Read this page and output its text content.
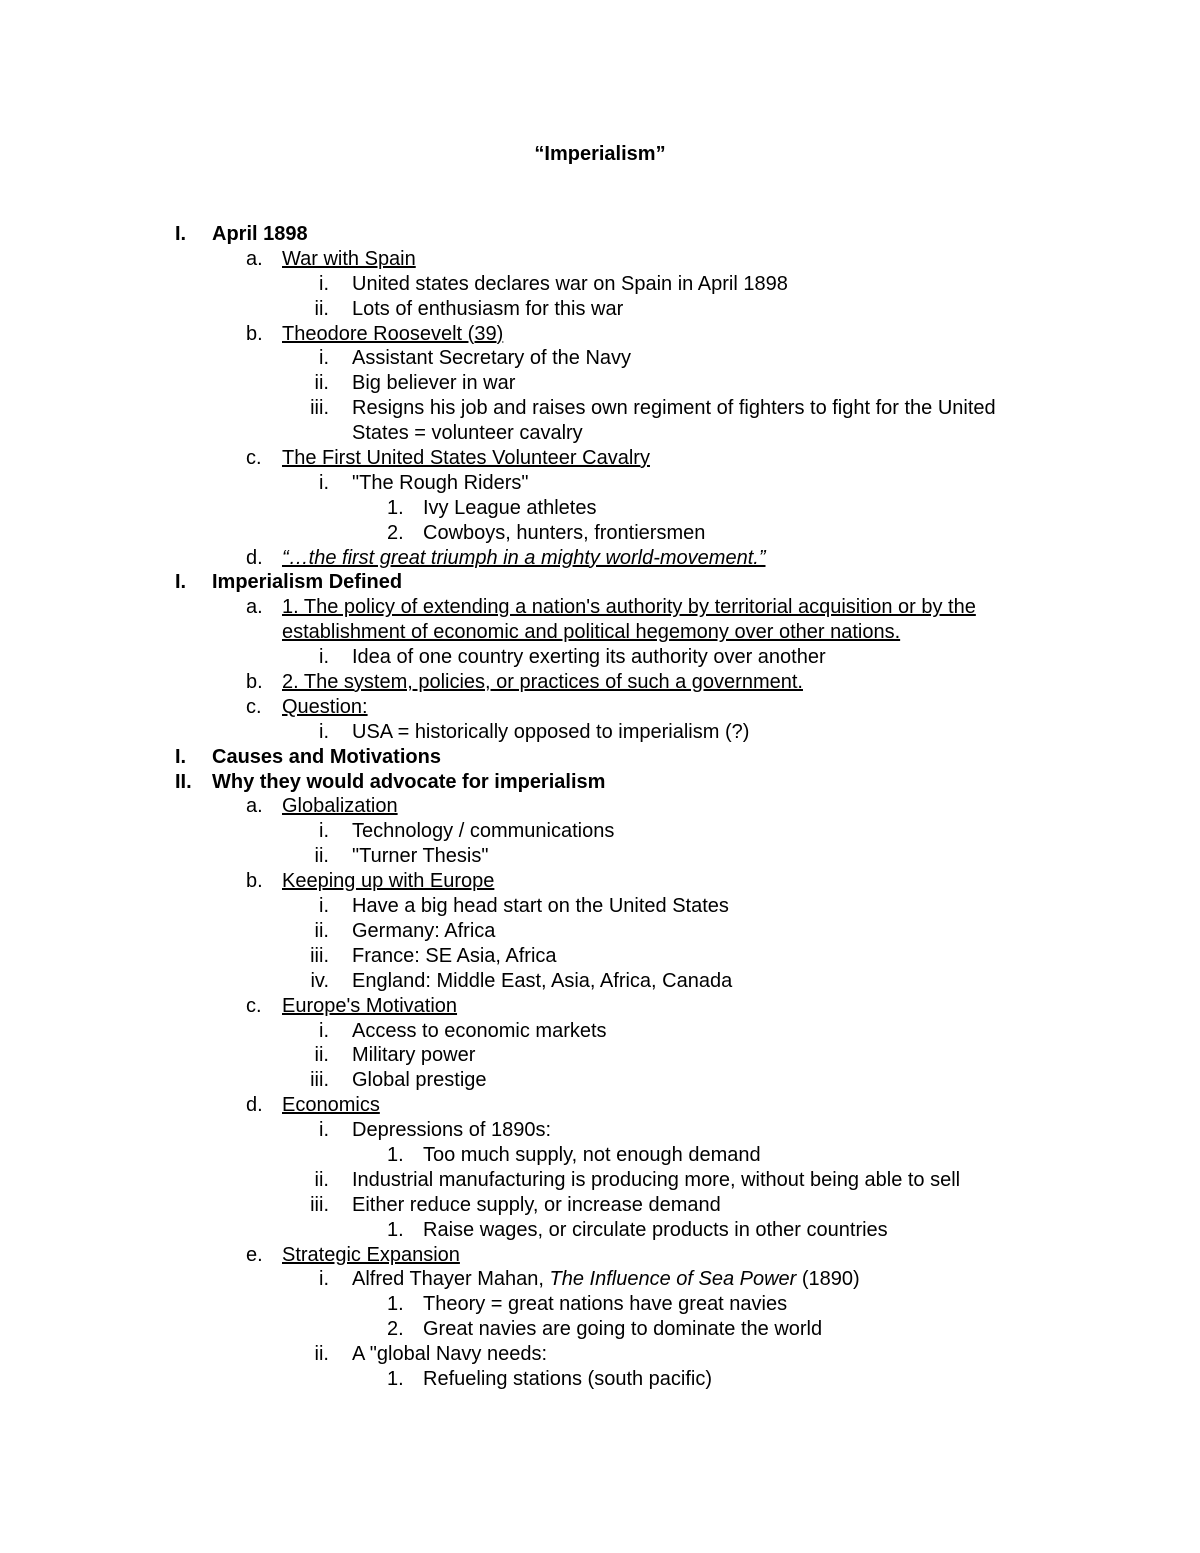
“Imperialism”
I. April 1898
a. War with Spain
i. United states declares war on Spain in April 1898
ii. Lots of enthusiasm for this war
b. Theodore Roosevelt (39)
i. Assistant Secretary of the Navy
ii. Big believer in war
iii. Resigns his job and raises own regiment of fighters to fight for the United
States = volunteer cavalry
c. The First United States Volunteer Cavalry
i. "The Rough Riders"
1. Ivy League athletes
2. Cowboys, hunters, frontiersmen
d. “…the first great triumph in a mighty world-movement.”
I. Imperialism Defined
a. 1. The policy of extending a nation's authority by territorial acquisition or by the
establishment of economic and political hegemony over other nations.
i. Idea of one country exerting its authority over another
b. 2. The system, policies, or practices of such a government.
c. Question:
i. USA = historically opposed to imperialism (?)
I. Causes and Motivations
II. Why they would advocate for imperialism
a. Globalization
i. Technology / communications
ii. "Turner Thesis"
b. Keeping up with Europe
i. Have a big head start on the United States
ii. Germany: Africa
iii. France: SE Asia, Africa
iv. England: Middle East, Asia, Africa, Canada
c. Europe's Motivation
i. Access to economic markets
ii. Military power
iii. Global prestige
d. Economics
i. Depressions of 1890s:
1. Too much supply, not enough demand
ii. Industrial manufacturing is producing more, without being able to sell
iii. Either reduce supply, or increase demand
1. Raise wages, or circulate products in other countries
e. Strategic Expansion
i. Alfred Thayer Mahan, The Influence of Sea Power (1890)
1. Theory = great nations have great navies
2. Great navies are going to dominate the world
ii. A "global Navy needs:
1. Refueling stations (south pacific)
